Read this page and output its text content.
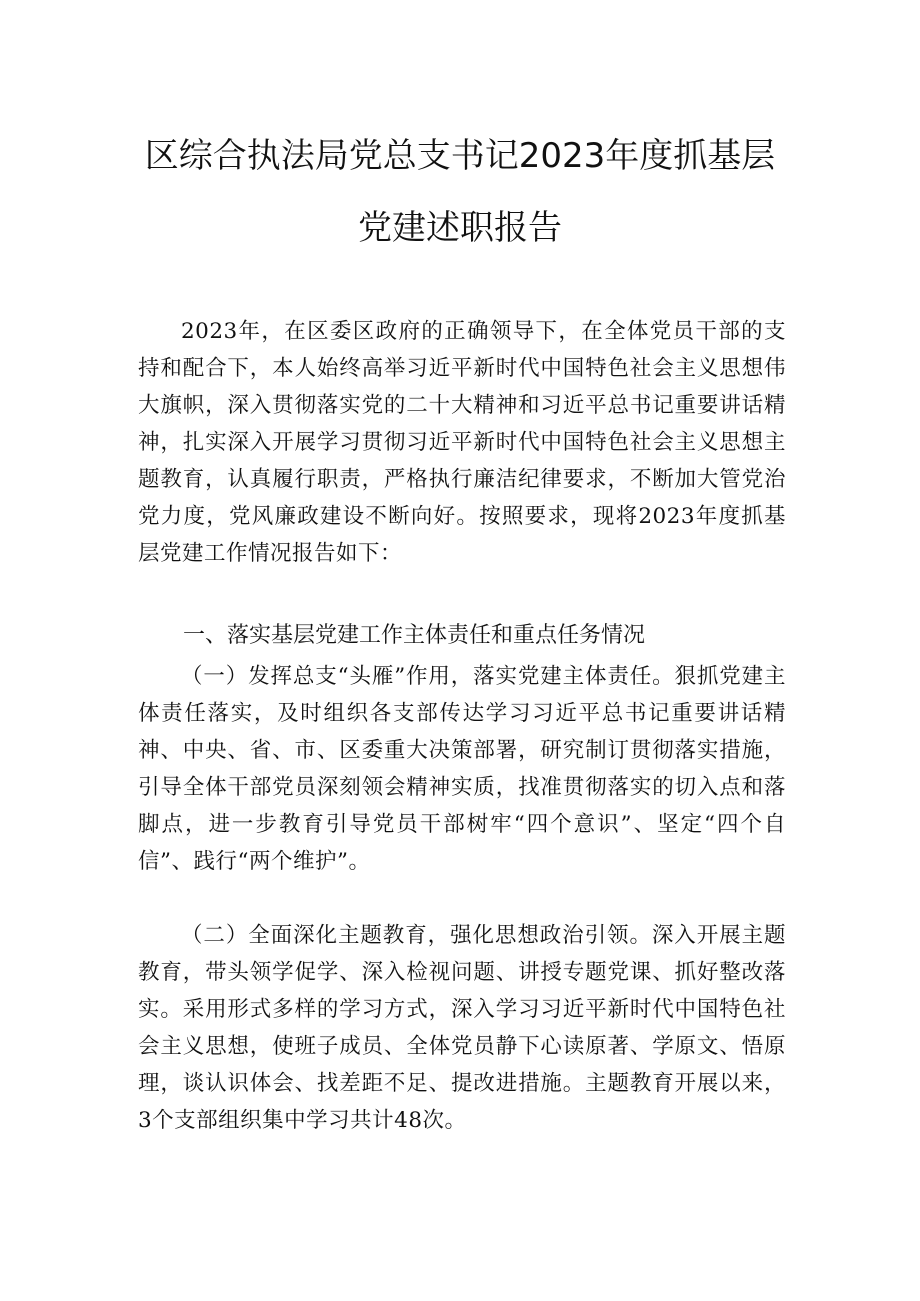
区综合执法局党总支书记2023年度抓基层
党建述职报告

2023年，在区委区政府的正确领导下，在全体党员干部的支持和配合下，本人始终高举习近平新时代中国特色社会主义思想伟大旗帜，深入贯彻落实党的二十大精神和习近平总书记重要讲话精神，扎实深入开展学习贯彻习近平新时代中国特色社会主义思想主题教育，认真履行职责，严格执行廉洁纪律要求，不断加大管党治党力度，党风廉政建设不断向好。按照要求，现将2023年度抓基层党建工作情况报告如下：

一、落实基层党建工作主体责任和重点任务情况

（一）发挥总支“头雁”作用，落实党建主体责任。狠抓党建主体责任落实，及时组织各支部传达学习习近平总书记重要讲话精神、中央、省、市、区委重大决策部署，研究制订贯彻落实措施，引导全体干部党员深刻领会精神实质，找准贯彻落实的切入点和落脚点，进一步教育引导党员干部树牢“四个意识”、坚定“四个自信”、践行“两个维护”。

（二）全面深化主题教育，强化思想政治引领。深入开展主题教育，带头领学促学、深入检视问题、讲授专题党课、抓好整改落实。采用形式多样的学习方式，深入学习习近平新时代中国特色社会主义思想，使班子成员、全体党员静下心读原著、学原文、悟原理，谈认识体会、找差距不足、提改进措施。主题教育开展以来，3个支部组织集中学习共计48次。
